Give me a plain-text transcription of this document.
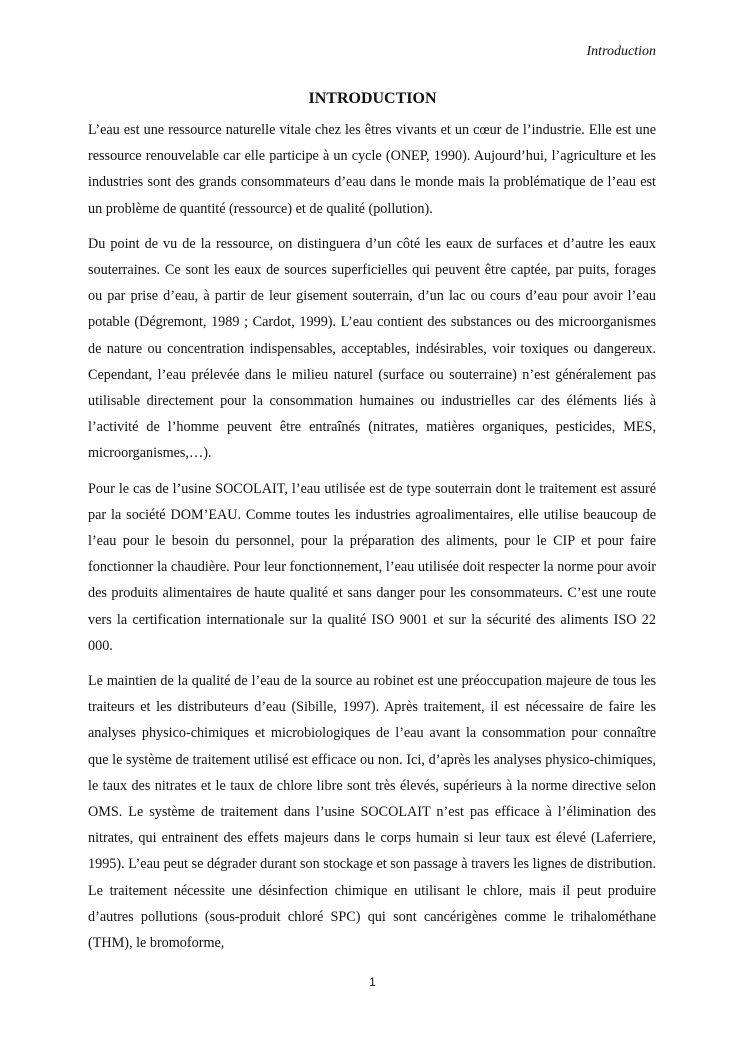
Introduction
INTRODUCTION

L’eau est une ressource naturelle vitale chez les êtres vivants et un cœur de l’industrie. Elle est une ressource renouvelable car elle participe à un cycle (ONEP, 1990). Aujourd’hui, l’agriculture et les industries sont des grands consommateurs d’eau dans le monde mais la problématique de l’eau est un problème de quantité (ressource) et de qualité (pollution).

Du point de vu de la ressource, on distinguera d’un côté les eaux de surfaces et d’autre les eaux souterraines. Ce sont les eaux de sources superficielles qui peuvent être captée, par puits, forages ou par prise d’eau, à partir de leur gisement souterrain, d’un lac ou cours d’eau pour avoir l’eau potable (Dégremont, 1989 ; Cardot, 1999). L’eau contient des substances ou des microorganismes de nature ou concentration indispensables, acceptables, indésirables, voir toxiques ou dangereux. Cependant, l’eau prélevée dans le milieu naturel (surface ou souterraine) n’est généralement pas utilisable directement pour la consommation humaines ou industrielles car des éléments liés à l’activité de l’homme peuvent être entraînés (nitrates, matières organiques, pesticides, MES, microorganismes,…).

Pour le cas de l’usine SOCOLAIT, l’eau utilisée est de type souterrain dont le traitement est assuré par la société DOM’EAU. Comme toutes les industries agroalimentaires, elle utilise beaucoup de l’eau pour le besoin du personnel, pour la préparation des aliments, pour le CIP et pour faire fonctionner la chaudière. Pour leur fonctionnement, l’eau utilisée doit respecter la norme pour avoir des produits alimentaires de haute qualité et sans danger pour les consommateurs. C’est une route vers la certification internationale sur la qualité ISO 9001 et sur la sécurité des aliments ISO 22 000.

Le maintien de la qualité de l’eau de la source au robinet est une préoccupation majeure de tous les traiteurs et les distributeurs d’eau (Sibille, 1997). Après traitement, il est nécessaire de faire les analyses physico-chimiques et microbiologiques de l’eau avant la consommation pour connaître que le système de traitement utilisé est efficace ou non. Ici, d’après les analyses physico-chimiques, le taux des nitrates et le taux de chlore libre sont très élevés, supérieurs à la norme directive selon OMS. Le système de traitement dans l’usine SOCOLAIT n’est pas efficace à l’élimination des nitrates, qui entrainent des effets majeurs dans le corps humain si leur taux est élevé (Laferriere, 1995). L’eau peut se dégrader durant son stockage et son passage à travers les lignes de distribution. Le traitement nécessite une désinfection chimique en utilisant le chlore, mais il peut produire d’autres pollutions (sous-produit chloré SPC) qui sont cancérigènes comme le trihalométhane (THM), le bromoforme,

1
